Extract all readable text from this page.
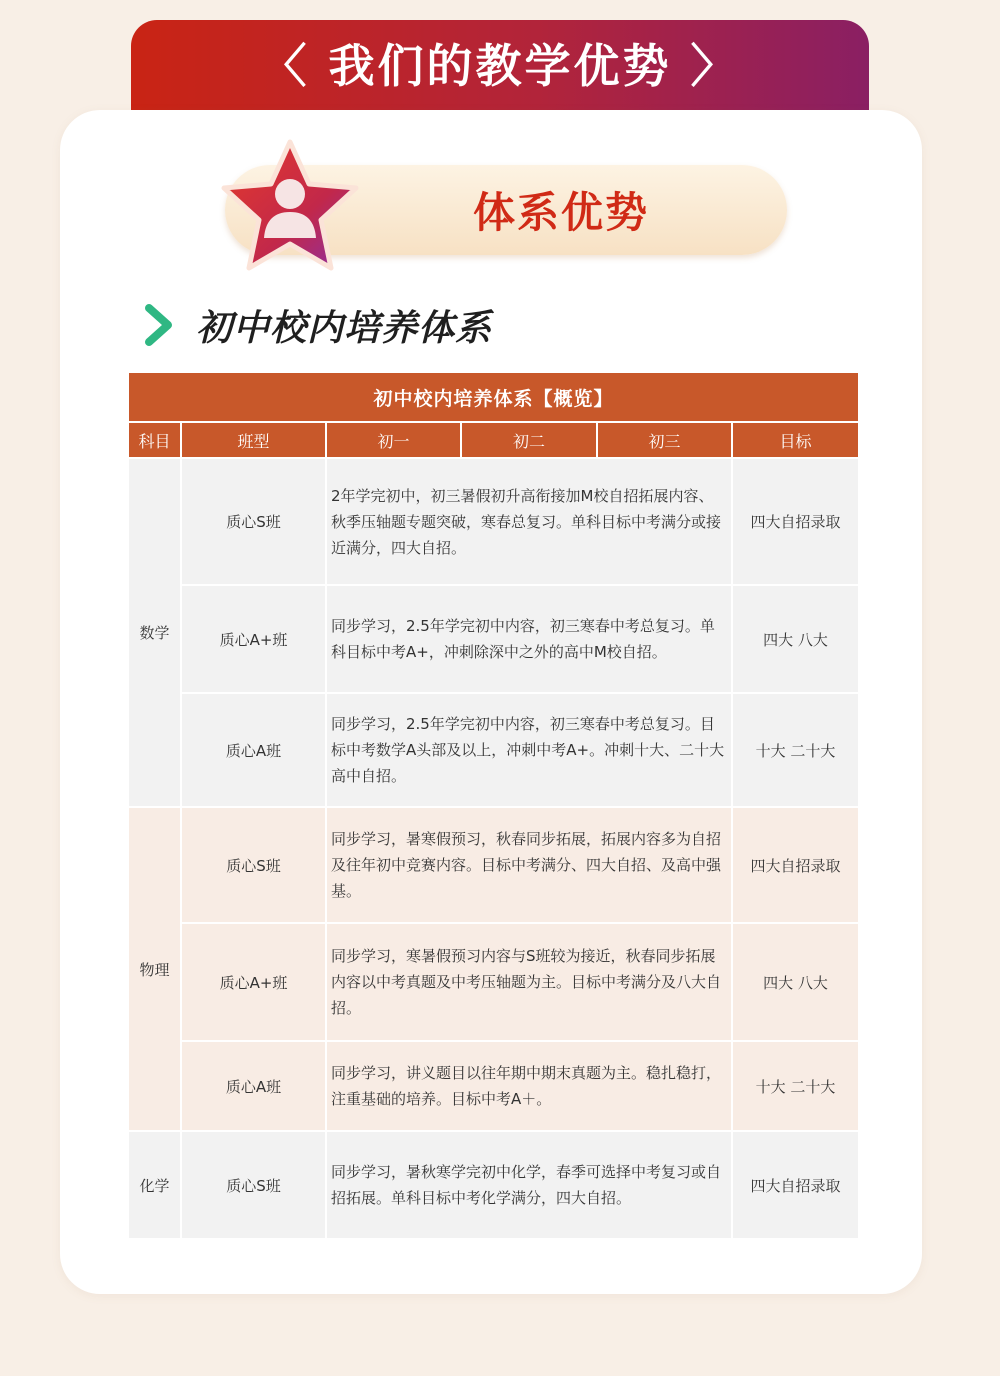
〈 我们的教学优势 〉
体系优势
初中校内培养体系
初中校内培养体系【概览】					
科目	班型	初一	初二	初三	目标
数学	质心S班	2年学完初中，初三暑假初升高衔接加M校自招拓展内容、秋季压轴题专题突破，寒春总复习。单科目标中考满分或接近满分，四大自招。			四大自招录取
	质心A+班	同步学习，2.5年学完初中内容，初三寒春中考总复习。单科目标中考A+，冲刺除深中之外的高中M校自招。			四大 八大
	质心A班	同步学习，2.5年学完初中内容，初三寒春中考总复习。目标中考数学A头部及以上，冲刺中考A+。冲刺十大、二十大高中自招。			十大 二十大
物理	质心S班	同步学习，暑寒假预习，秋春同步拓展，拓展内容多为自招及往年初中竞赛内容。目标中考满分、四大自招、及高中强基。			四大自招录取
	质心A+班	同步学习，寒暑假预习内容与S班较为接近，秋春同步拓展内容以中考真题及中考压轴题为主。目标中考满分及八大自招。			四大 八大
	质心A班	同步学习，讲义题目以往年期中期末真题为主。稳扎稳打，注重基础的培养。目标中考A＋。			十大 二十大
化学	质心S班	同步学习，暑秋寒学完初中化学，春季可选择中考复习或自招拓展。单科目标中考化学满分，四大自招。			四大自招录取
